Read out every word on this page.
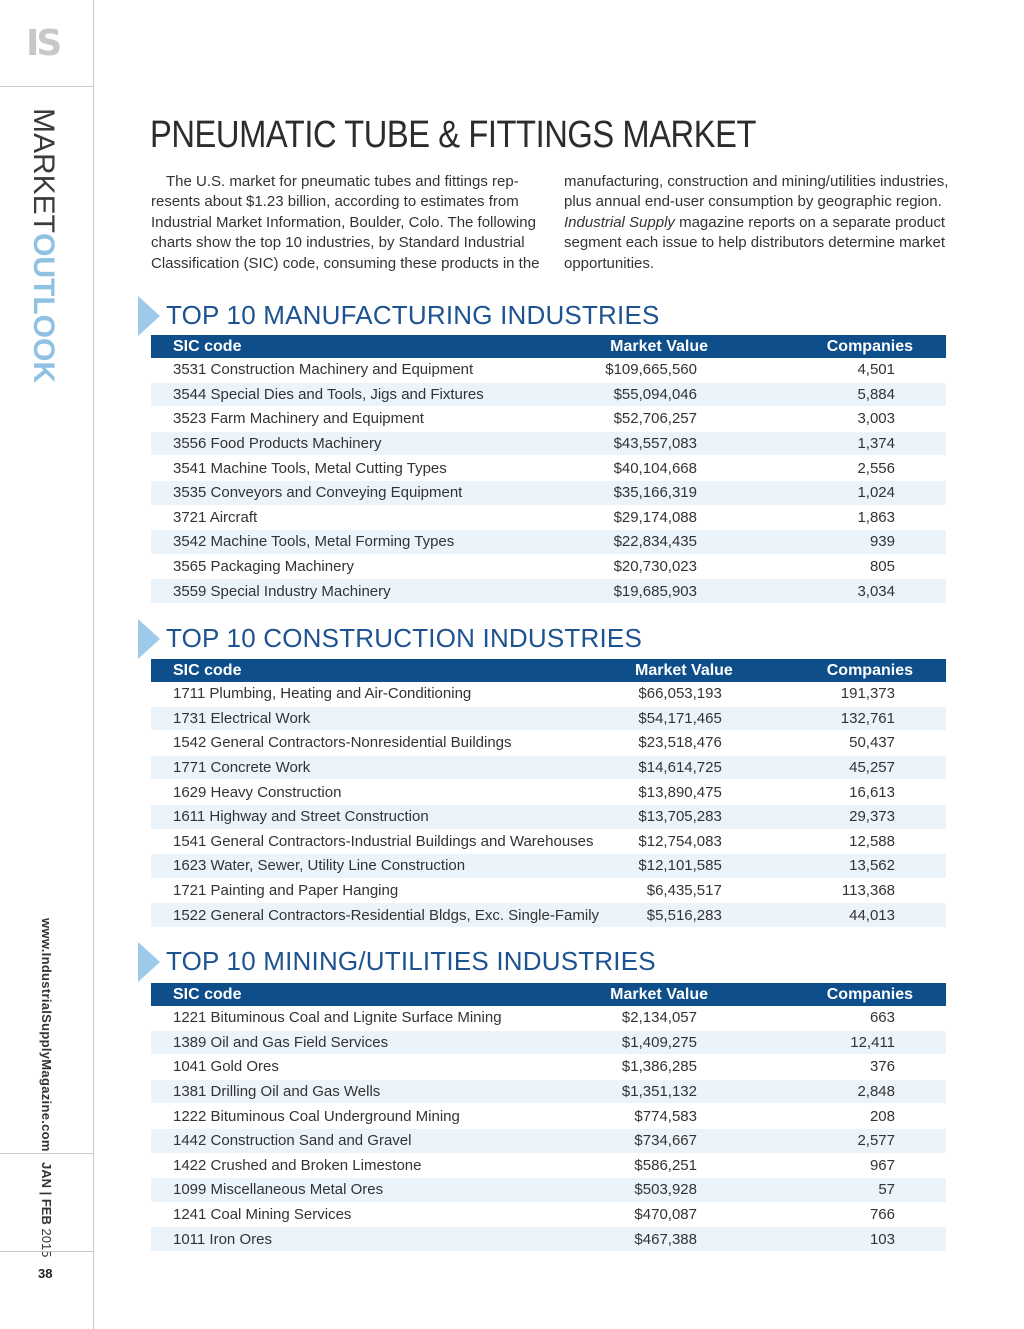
IS
MARKETOUTLOOK
www.IndustrialSupplyMagazine.com
JAN | FEB 2015
38
PNEUMATIC TUBE & FITTINGS MARKET
The U.S. market for pneumatic tubes and fittings represents about $1.23 billion, according to estimates from Industrial Market Information, Boulder, Colo. The following charts show the top 10 industries, by Standard Industrial Classification (SIC) code, consuming these products in the
manufacturing, construction and mining/utilities industries, plus annual end-user consumption by geographic region. Industrial Supply magazine reports on a separate product segment each issue to help distributors determine market opportunities.
TOP 10 MANUFACTURING INDUSTRIES
SIC code	Market Value	Companies
3531 Construction Machinery and Equipment	$109,665,560	4,501
3544 Special Dies and Tools, Jigs and Fixtures	$55,094,046	5,884
3523 Farm Machinery and Equipment	$52,706,257	3,003
3556 Food Products Machinery	$43,557,083	1,374
3541 Machine Tools, Metal Cutting Types	$40,104,668	2,556
3535 Conveyors and Conveying Equipment	$35,166,319	1,024
3721 Aircraft	$29,174,088	1,863
3542 Machine Tools, Metal Forming Types	$22,834,435	939
3565 Packaging Machinery	$20,730,023	805
3559 Special Industry Machinery	$19,685,903	3,034
TOP 10 CONSTRUCTION INDUSTRIES
SIC code	Market Value	Companies
1711 Plumbing, Heating and Air-Conditioning	$66,053,193	191,373
1731 Electrical Work	$54,171,465	132,761
1542 General Contractors-Nonresidential Buildings	$23,518,476	50,437
1771 Concrete Work	$14,614,725	45,257
1629 Heavy Construction	$13,890,475	16,613
1611 Highway and Street Construction	$13,705,283	29,373
1541 General Contractors-Industrial Buildings and Warehouses	$12,754,083	12,588
1623 Water, Sewer, Utility Line Construction	$12,101,585	13,562
1721 Painting and Paper Hanging	$6,435,517	113,368
1522 General Contractors-Residential Bldgs, Exc. Single-Family	$5,516,283	44,013
TOP 10 MINING/UTILITIES INDUSTRIES
SIC code	Market Value	Companies
1221 Bituminous Coal and Lignite Surface Mining	$2,134,057	663
1389 Oil and Gas Field Services	$1,409,275	12,411
1041 Gold Ores	$1,386,285	376
1381 Drilling Oil and Gas Wells	$1,351,132	2,848
1222 Bituminous Coal Underground Mining	$774,583	208
1442 Construction Sand and Gravel	$734,667	2,577
1422 Crushed and Broken Limestone	$586,251	967
1099 Miscellaneous Metal Ores	$503,928	57
1241 Coal Mining Services	$470,087	766
1011 Iron Ores	$467,388	103
